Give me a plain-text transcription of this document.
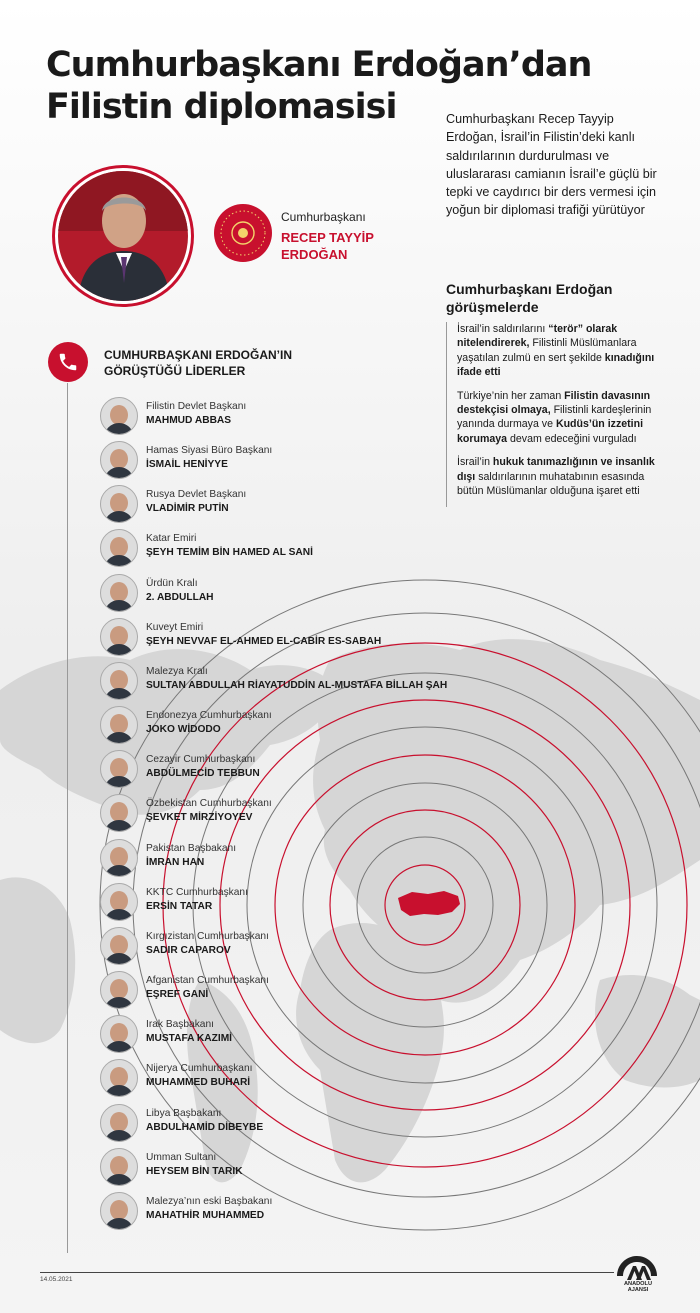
Cumhurbaşkanı Erdoğan’dan
Filistin diplomasisi	Cumhurbaşkanı Recep Tayyip Erdoğan, İsrail’in Filistin’deki kanlı saldırılarının durdurulması ve uluslararası camianın İsrail’e güçlü bir tepki ve caydırıcı bir ders vermesi için yoğun bir diplomasi trafiği yürütüyor
Cumhurbaşkanı
RECEP TAYYİP
ERDOĞAN
Cumhurbaşkanı Erdoğan
görüşmelerde
İsrail’in saldırılarını “terör” olarak nitelendirerek, Filistinli Müslümanlara yaşatılan zulmü en sert şekilde kınadığını ifade etti
Türkiye’nin her zaman Filistin davasının destekçisi olmaya, Filistinli kardeşlerinin yanında durmaya ve Kudüs’ün izzetini korumaya devam edeceğini vurguladı
İsrail’in hukuk tanımazlığının ve insanlık dışı saldırılarının muhatabının esasında bütün Müslümanlar olduğuna işaret etti
CUMHURBAŞKANI ERDOĞAN’IN
GÖRÜŞTÜĞÜ LİDERLER
Filistin Devlet Başkanı
MAHMUD ABBAS
Hamas Siyasi Büro Başkanı
İSMAİL HENİYYE
Rusya Devlet Başkanı
VLADİMİR PUTİN
Katar Emiri
ŞEYH TEMİM BİN HAMED AL SANİ
Ürdün Kralı
2. ABDULLAH
Kuveyt Emiri
ŞEYH NEVVAF EL-AHMED EL-CABİR ES-SABAH
Malezya Kralı
SULTAN ABDULLAH RİAYATUDDİN AL-MUSTAFA BİLLAH ŞAH
Endonezya Cumhurbaşkanı
JOKO WİDODO
Cezayir Cumhurbaşkanı
ABDÜLMECİD TEBBUN
Özbekistan Cumhurbaşkanı
ŞEVKET MİRZİYOYEV
Pakistan Başbakanı
İMRAN HAN
KKTC Cumhurbaşkanı
ERSİN TATAR
Kırgızistan Cumhurbaşkanı
SADIR CAPAROV
Afganistan Cumhurbaşkanı
EŞREF GANİ
Irak Başbakanı
MUSTAFA KAZIMİ
Nijerya Cumhurbaşkanı
MUHAMMED BUHARİ
Libya Başbakanı
ABDULHAMİD DİBEYBE
Umman Sultanı
HEYSEM BİN TARIK
Malezya’nın eski Başbakanı
MAHATHİR MUHAMMED
14.05.2021
ANADOLU AJANSI
